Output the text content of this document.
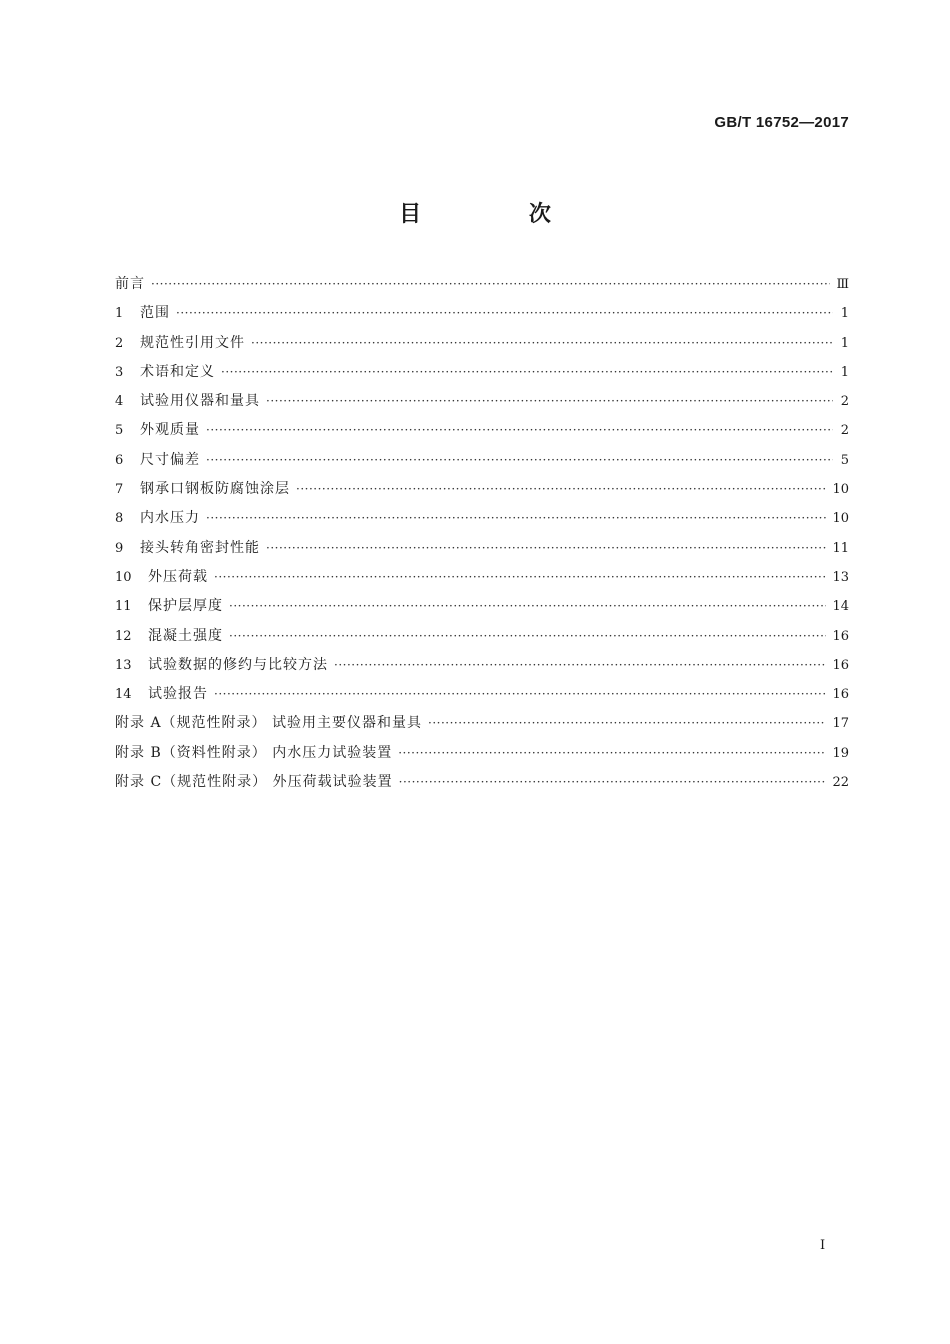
GB/T 16752—2017
目 次
前言 ·····	Ⅲ
1	范围 ·····	1
2	规范性引用文件 ·····	1
3	术语和定义 ·····	1
4	试验用仪器和量具 ·····	2
5	外观质量 ·····	2
6	尺寸偏差 ·····	5
7	钢承口钢板防腐蚀涂层 ·····	10
8	内水压力 ·····	10
9	接头转角密封性能 ·····	11
10	外压荷载 ·····	13
11	保护层厚度 ·····	14
12	混凝土强度 ·····	16
13	试验数据的修约与比较方法 ·····	16
14	试验报告 ·····	16
附录 A（规范性附录） 试验用主要仪器和量具 ·····	17
附录 B（资料性附录） 内水压力试验装置 ·····	19
附录 C（规范性附录） 外压荷载试验装置 ·····	22
I
